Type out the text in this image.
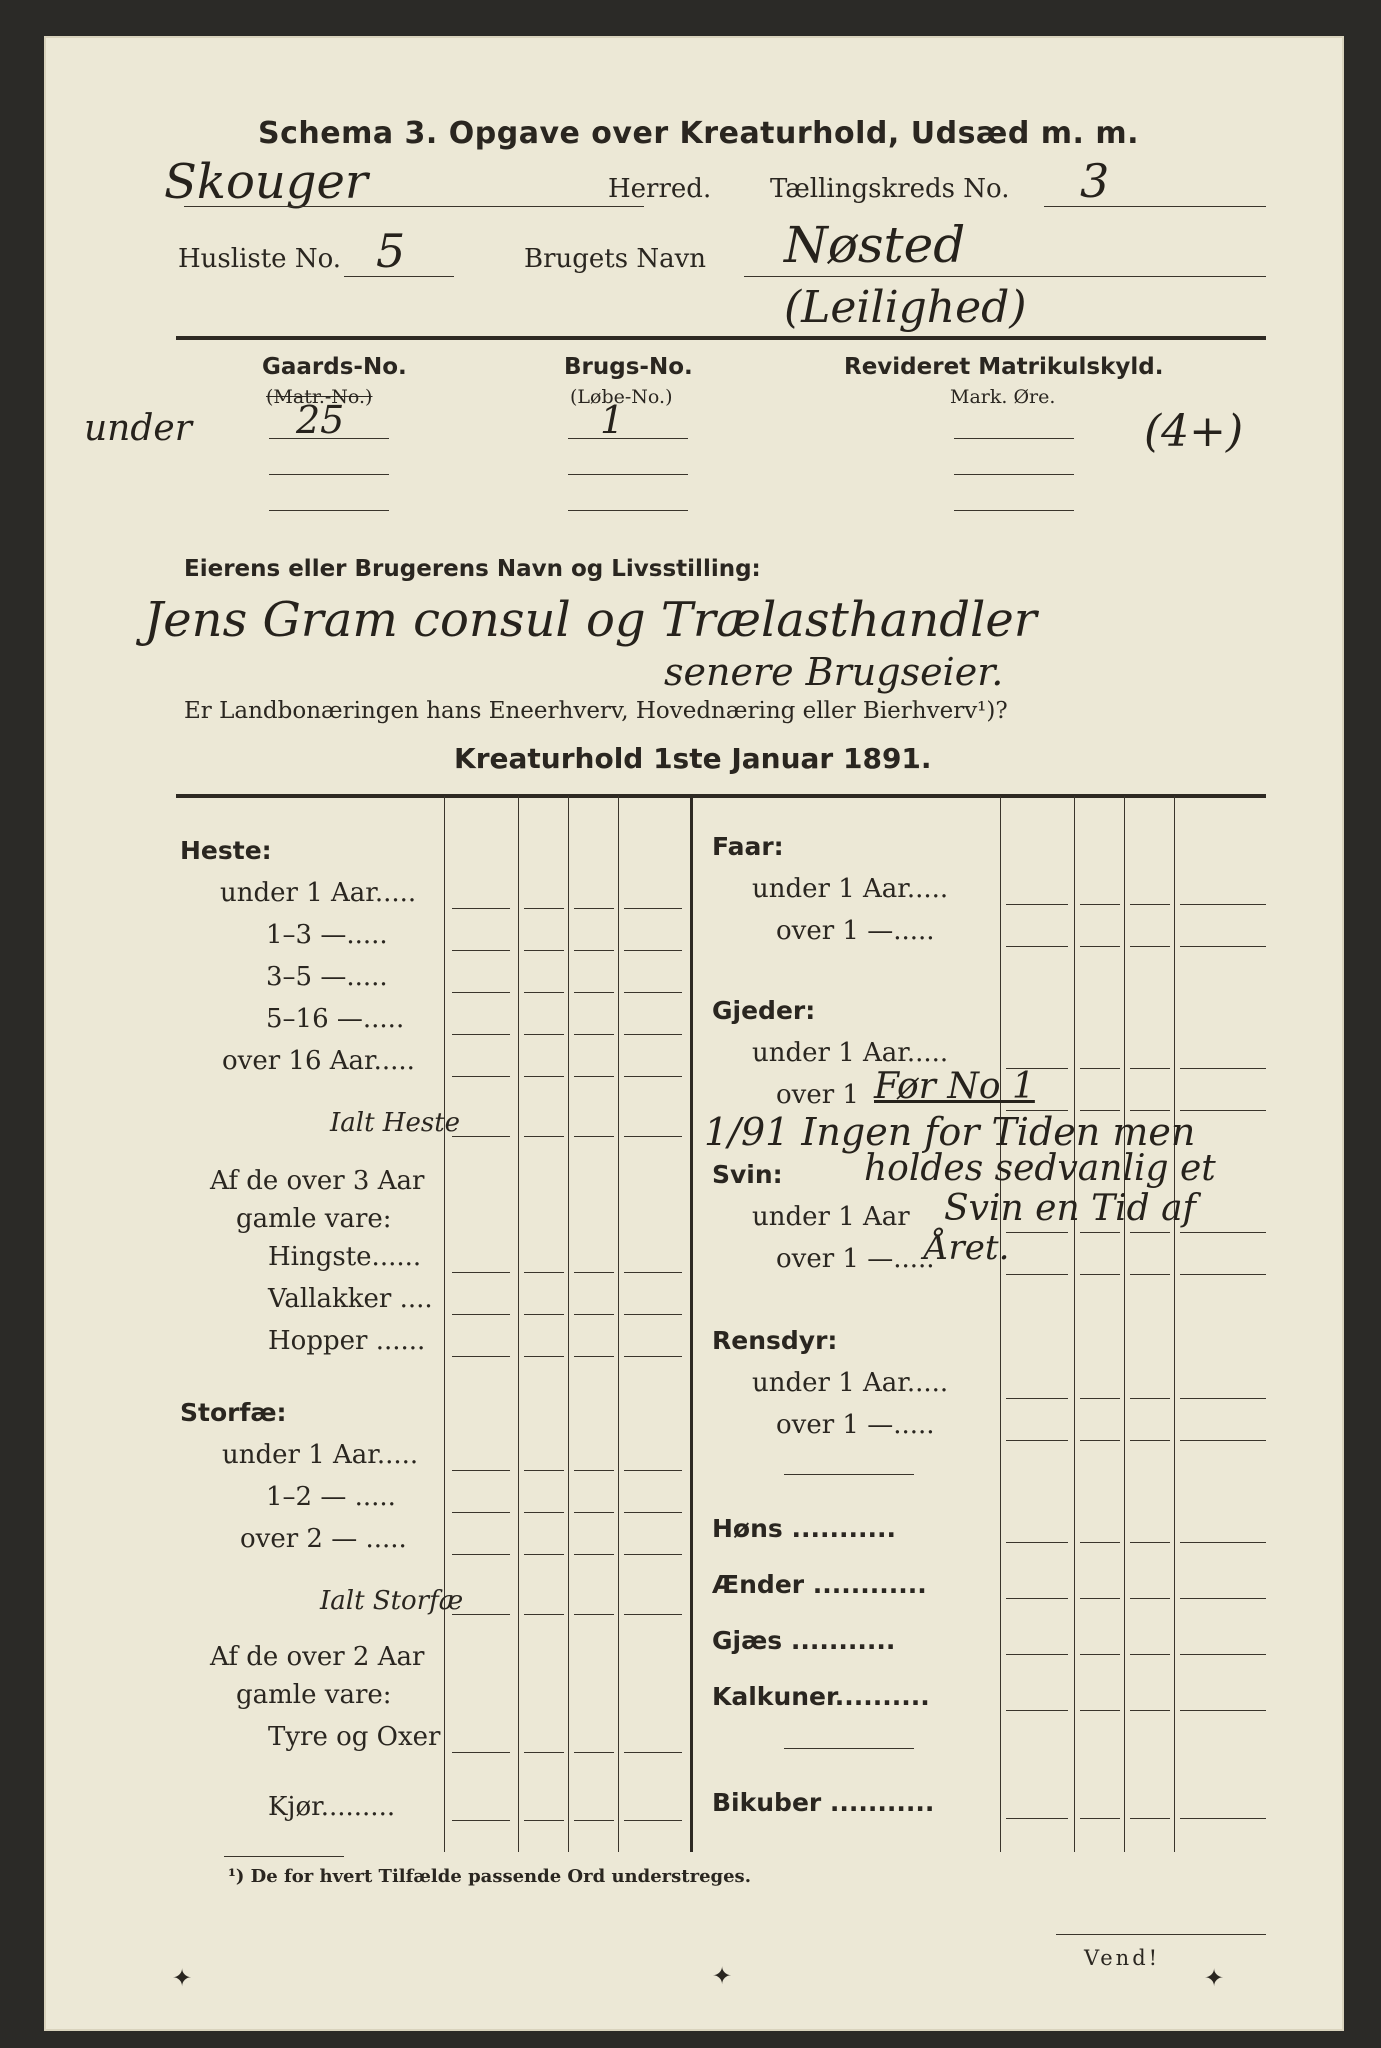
Schema 3. Opgave over Kreaturhold, Udsæd m. m.
Skouger	Herred. Tællingskreds No. 3
Husliste No. 5	Brugets Navn Nøsted
(Leilighed)
Gaards-No.
(Matr.-No.)
Brugs-No.
(Løbe-No.)
Revideret Matrikulskyld.
Mark. Øre.
under	25	1	(4+)
Eierens eller Brugerens Navn og Livsstilling:
Jens Gram consul og Trælasthandler
senere Brugseier.
Er Landbonæringen hans Eneerhverv, Hovednæring eller Bierhverv¹)?
Kreaturhold 1ste Januar 1891.
Heste:
under 1 Aar.....
1–3 —.....
3–5 —.....
5–16 —.....
over 16 Aar.....
Ialt Heste
Af de over 3 Aar
gamle vare:
Hingste......
Vallakker ....
Hopper ......
Storfæ:
under 1 Aar.....
1–2 — .....
over 2 — .....
Ialt Storfæ
Af de over 2 Aar
gamle vare:
Tyre og Oxer
Kjør.........
Faar:
under 1 Aar.....
over 1 —.....
Gjeder:
under 1 Aar.....
over 1 Før No 1
Svin:
under 1 Aar
over 1 —.....
1/91 Ingen for Tiden men
holdes sedvanlig et
Svin en Tid af
Året.
Rensdyr:
under 1 Aar.....
over 1 —.....
Høns ...........
Ænder ............
Gjæs ...........
Kalkuner..........
Bikuber ...........
¹) De for hvert Tilfælde passende Ord understreges.
Vend!
✦	✦	✦
